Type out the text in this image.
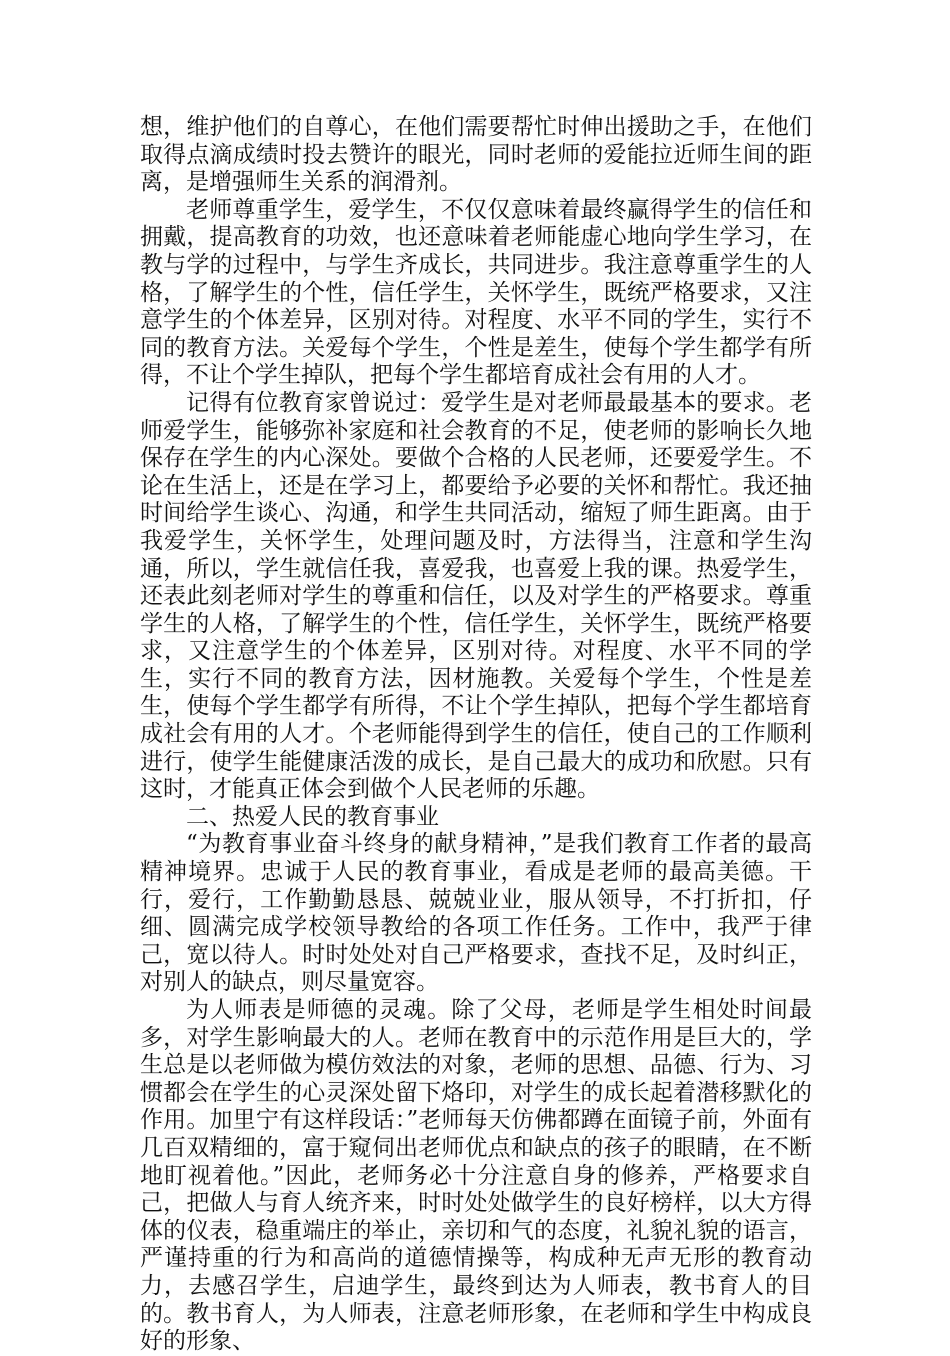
想，维护他们的自尊心，在他们需要帮忙时伸出援助之手，在他们取得点滴成绩时投去赞许的眼光，同时老师的爱能拉近师生间的距离，是增强师生关系的润滑剂。

老师尊重学生，爱学生，不仅仅意味着最终赢得学生的信任和拥戴，提高教育的功效，也还意味着老师能虚心地向学生学习，在教与学的过程中，与学生齐成长，共同进步。我注意尊重学生的人格，了解学生的个性，信任学生，关怀学生，既统严格要求，又注意学生的个体差异，区别对待。对程度、水平不同的学生，实行不同的教育方法。关爱每个学生，个性是差生，使每个学生都学有所得，不让个学生掉队，把每个学生都培育成社会有用的人才。

记得有位教育家曾说过：爱学生是对老师最最基本的要求。老师爱学生，能够弥补家庭和社会教育的不足，使老师的影响长久地保存在学生的内心深处。要做个合格的人民老师，还要爱学生。不论在生活上，还是在学习上，都要给予必要的关怀和帮忙。我还抽时间给学生谈心、沟通，和学生共同活动，缩短了师生距离。由于我爱学生，关怀学生，处理问题及时，方法得当，注意和学生沟通，所以，学生就信任我，喜爱我，也喜爱上我的课。热爱学生，还表此刻老师对学生的尊重和信任，以及对学生的严格要求。尊重学生的人格，了解学生的个性，信任学生，关怀学生，既统严格要求，又注意学生的个体差异，区别对待。对程度、水平不同的学生，实行不同的教育方法，因材施教。关爱每个学生，个性是差生，使每个学生都学有所得，不让个学生掉队，把每个学生都培育成社会有用的人才。个老师能得到学生的信任，使自己的工作顺利进行，使学生能健康活泼的成长，是自己最大的成功和欣慰。只有这时，才能真正体会到做个人民老师的乐趣。

二、热爱人民的教育事业

“为教育事业奋斗终身的献身精神，”是我们教育工作者的最高精神境界。忠诚于人民的教育事业，看成是老师的最高美德。干行，爱行，工作勤勤恳恳、兢兢业业，服从领导，不打折扣，仔细、圆满完成学校领导教给的各项工作任务。工作中，我严于律己，宽以待人。时时处处对自己严格要求，查找不足，及时纠正，对别人的缺点，则尽量宽容。

为人师表是师德的灵魂。除了父母，老师是学生相处时间最多，对学生影响最大的人。老师在教育中的示范作用是巨大的，学生总是以老师做为模仿效法的对象，老师的思想、品德、行为、习惯都会在学生的心灵深处留下烙印，对学生的成长起着潜移默化的作用。加里宁有这样段话：”老师每天仿佛都蹲在面镜子前，外面有几百双精细的，富于窥伺出老师优点和缺点的孩子的眼睛，在不断地盯视着他。”因此，老师务必十分注意自身的修养，严格要求自己，把做人与育人统齐来，时时处处做学生的良好榜样，以大方得体的仪表，稳重端庄的举止，亲切和气的态度，礼貌礼貌的语言，严谨持重的行为和高尚的道德情操等，构成种无声无形的教育动力，去感召学生，启迪学生，最终到达为人师表，教书育人的目的。教书育人，为人师表，注意老师形象，在老师和学生中构成良好的形象、
